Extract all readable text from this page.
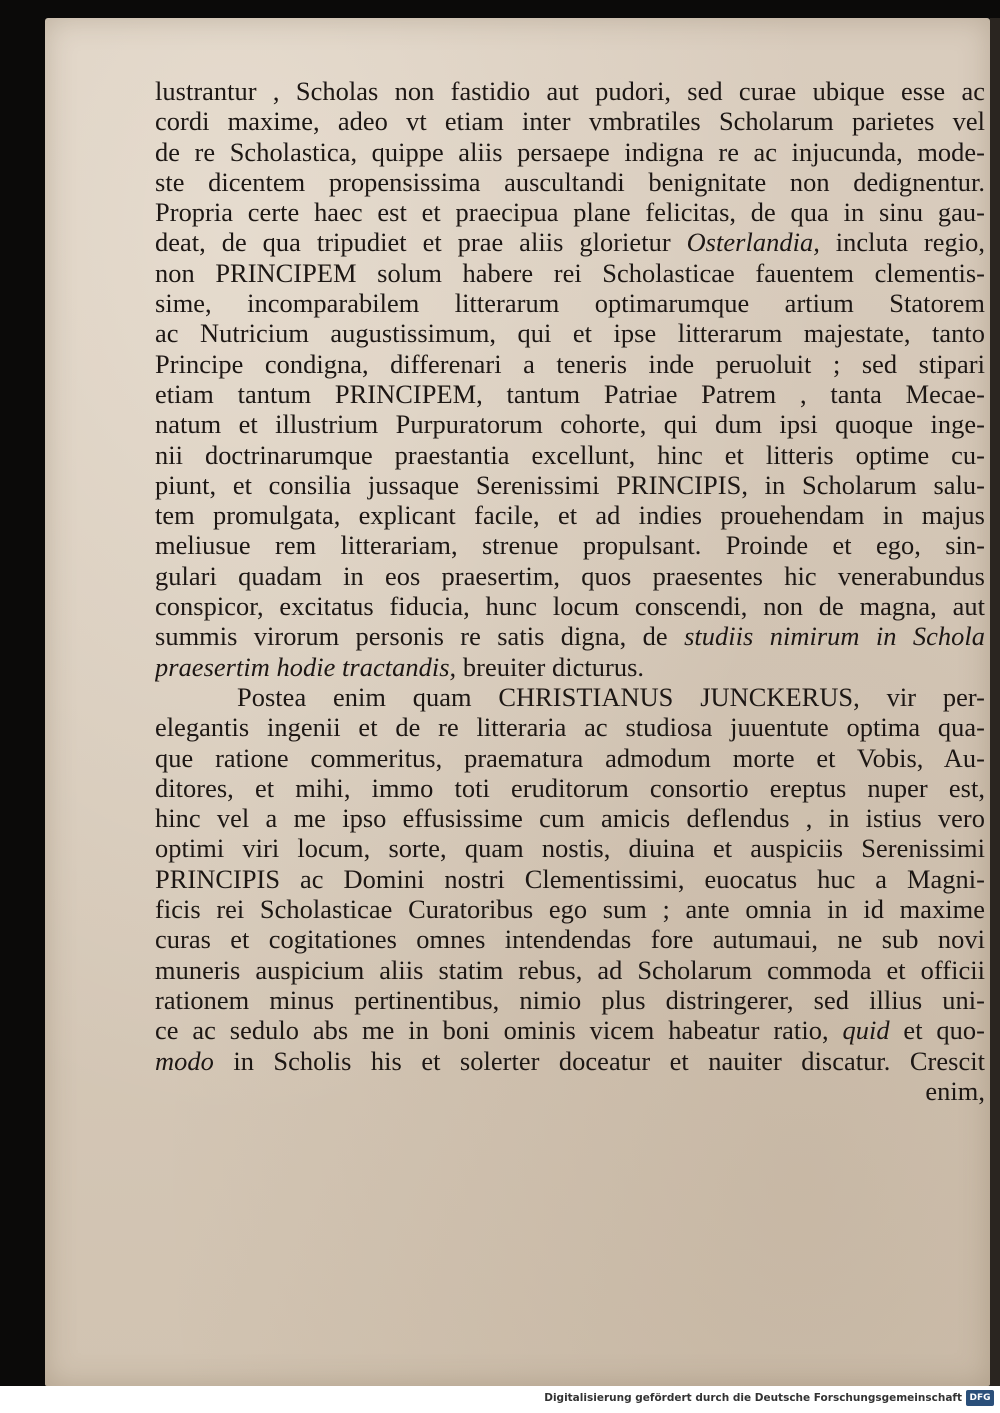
lustrantur , Scholas non fastidio aut pudori, sed curae ubique esse ac
cordi maxime, adeo vt etiam inter vmbratiles Scholarum parietes vel
de re Scholastica, quippe aliis persaepe indigna re ac injucunda, mode-
ste dicentem propensissima auscultandi benignitate non dedignentur.
Propria certe haec est et praecipua plane felicitas, de qua in sinu gau-
deat, de qua tripudiet et prae aliis glorietur Osterlandia, incluta regio,
non PRINCIPEM solum habere rei Scholasticae fauentem clementis-
sime, incomparabilem litterarum optimarumque artium Statorem
ac Nutricium augustissimum, qui et ipse litterarum majestate, tanto
Principe condigna, differenari a teneris inde peruoluit ; sed stipari
etiam tantum PRINCIPEM, tantum Patriae Patrem , tanta Mecae-
natum et illustrium Purpuratorum cohorte, qui dum ipsi quoque inge-
nii doctrinarumque praestantia excellunt, hinc et litteris optime cu-
piunt, et consilia jussaque Serenissimi PRINCIPIS, in Scholarum salu-
tem promulgata, explicant facile, et ad indies prouehendam in majus
meliusue rem litterariam, strenue propulsant. Proinde et ego, sin-
gulari quadam in eos praesertim, quos praesentes hic venerabundus
conspicor, excitatus fiducia, hunc locum conscendi, non de magna, aut
summis virorum personis re satis digna, de studiis nimirum in Schola
praesertim hodie tractandis, breuiter dicturus.
Postea enim quam CHRISTIANUS JUNCKERUS, vir per-
elegantis ingenii et de re litteraria ac studiosa juuentute optima qua-
que ratione commeritus, praematura admodum morte et Vobis, Au-
ditores, et mihi, immo toti eruditorum consortio ereptus nuper est,
hinc vel a me ipso effusissime cum amicis deflendus , in istius vero
optimi viri locum, sorte, quam nostis, diuina et auspiciis Serenissimi
PRINCIPIS ac Domini nostri Clementissimi, euocatus huc a Magni-
ficis rei Scholasticae Curatoribus ego sum ; ante omnia in id maxime
curas et cogitationes omnes intendendas fore autumaui, ne sub novi
muneris auspicium aliis statim rebus, ad Scholarum commoda et officii
rationem minus pertinentibus, nimio plus distringerer, sed illius uni-
ce ac sedulo abs me in boni ominis vicem habeatur ratio, quid et quo-
modo in Scholis his et solerter doceatur et nauiter discatur. Crescit
enim,
Digitalisierung gefördert durch die Deutsche Forschungsgemeinschaft DFG
